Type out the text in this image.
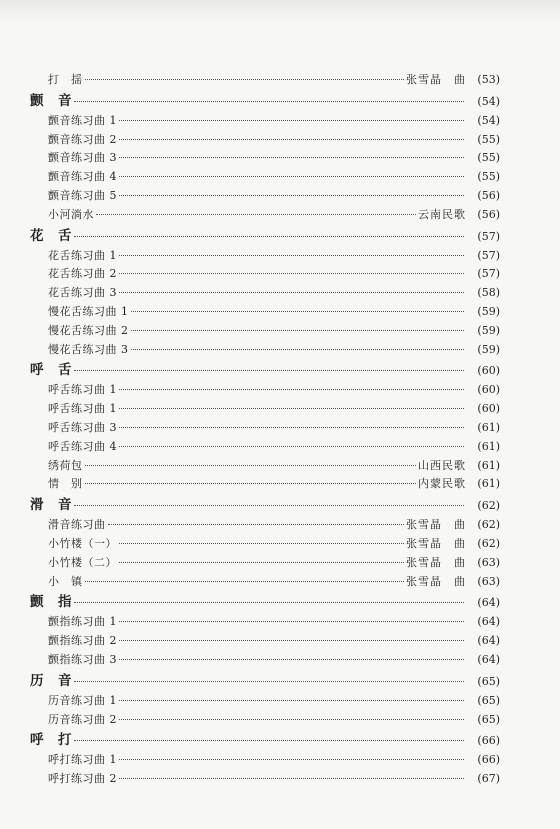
打　揺	张雪晶　曲	(53)
颤　音	(54)
颤音练习曲 1	(54)
颤音练习曲 2	(55)
颤音练习曲 3	(55)
颤音练习曲 4	(55)
颤音练习曲 5	(56)
小河淌水	云南民歌	(56)
花　舌	(57)
花舌练习曲 1	(57)
花舌练习曲 2	(57)
花舌练习曲 3	(58)
慢花舌练习曲 1	(59)
慢花舌练习曲 2	(59)
慢花舌练习曲 3	(59)
呼　舌	(60)
呼舌练习曲 1	(60)
呼舌练习曲 1	(60)
呼舌练习曲 3	(61)
呼舌练习曲 4	(61)
绣荷包	山西民歌	(61)
情　别	内蒙民歌	(61)
滑　音	(62)
滑音练习曲	张雪晶　曲	(62)
小竹楼（一）	张雪晶　曲	(62)
小竹楼（二）	张雪晶　曲	(63)
小　镇	张雪晶　曲	(63)
颤　指	(64)
颤指练习曲 1	(64)
颤指练习曲 2	(64)
颤指练习曲 3	(64)
历　音	(65)
历音练习曲 1	(65)
历音练习曲 2	(65)
呼　打	(66)
呼打练习曲 1	(66)
呼打练习曲 2	(67)
